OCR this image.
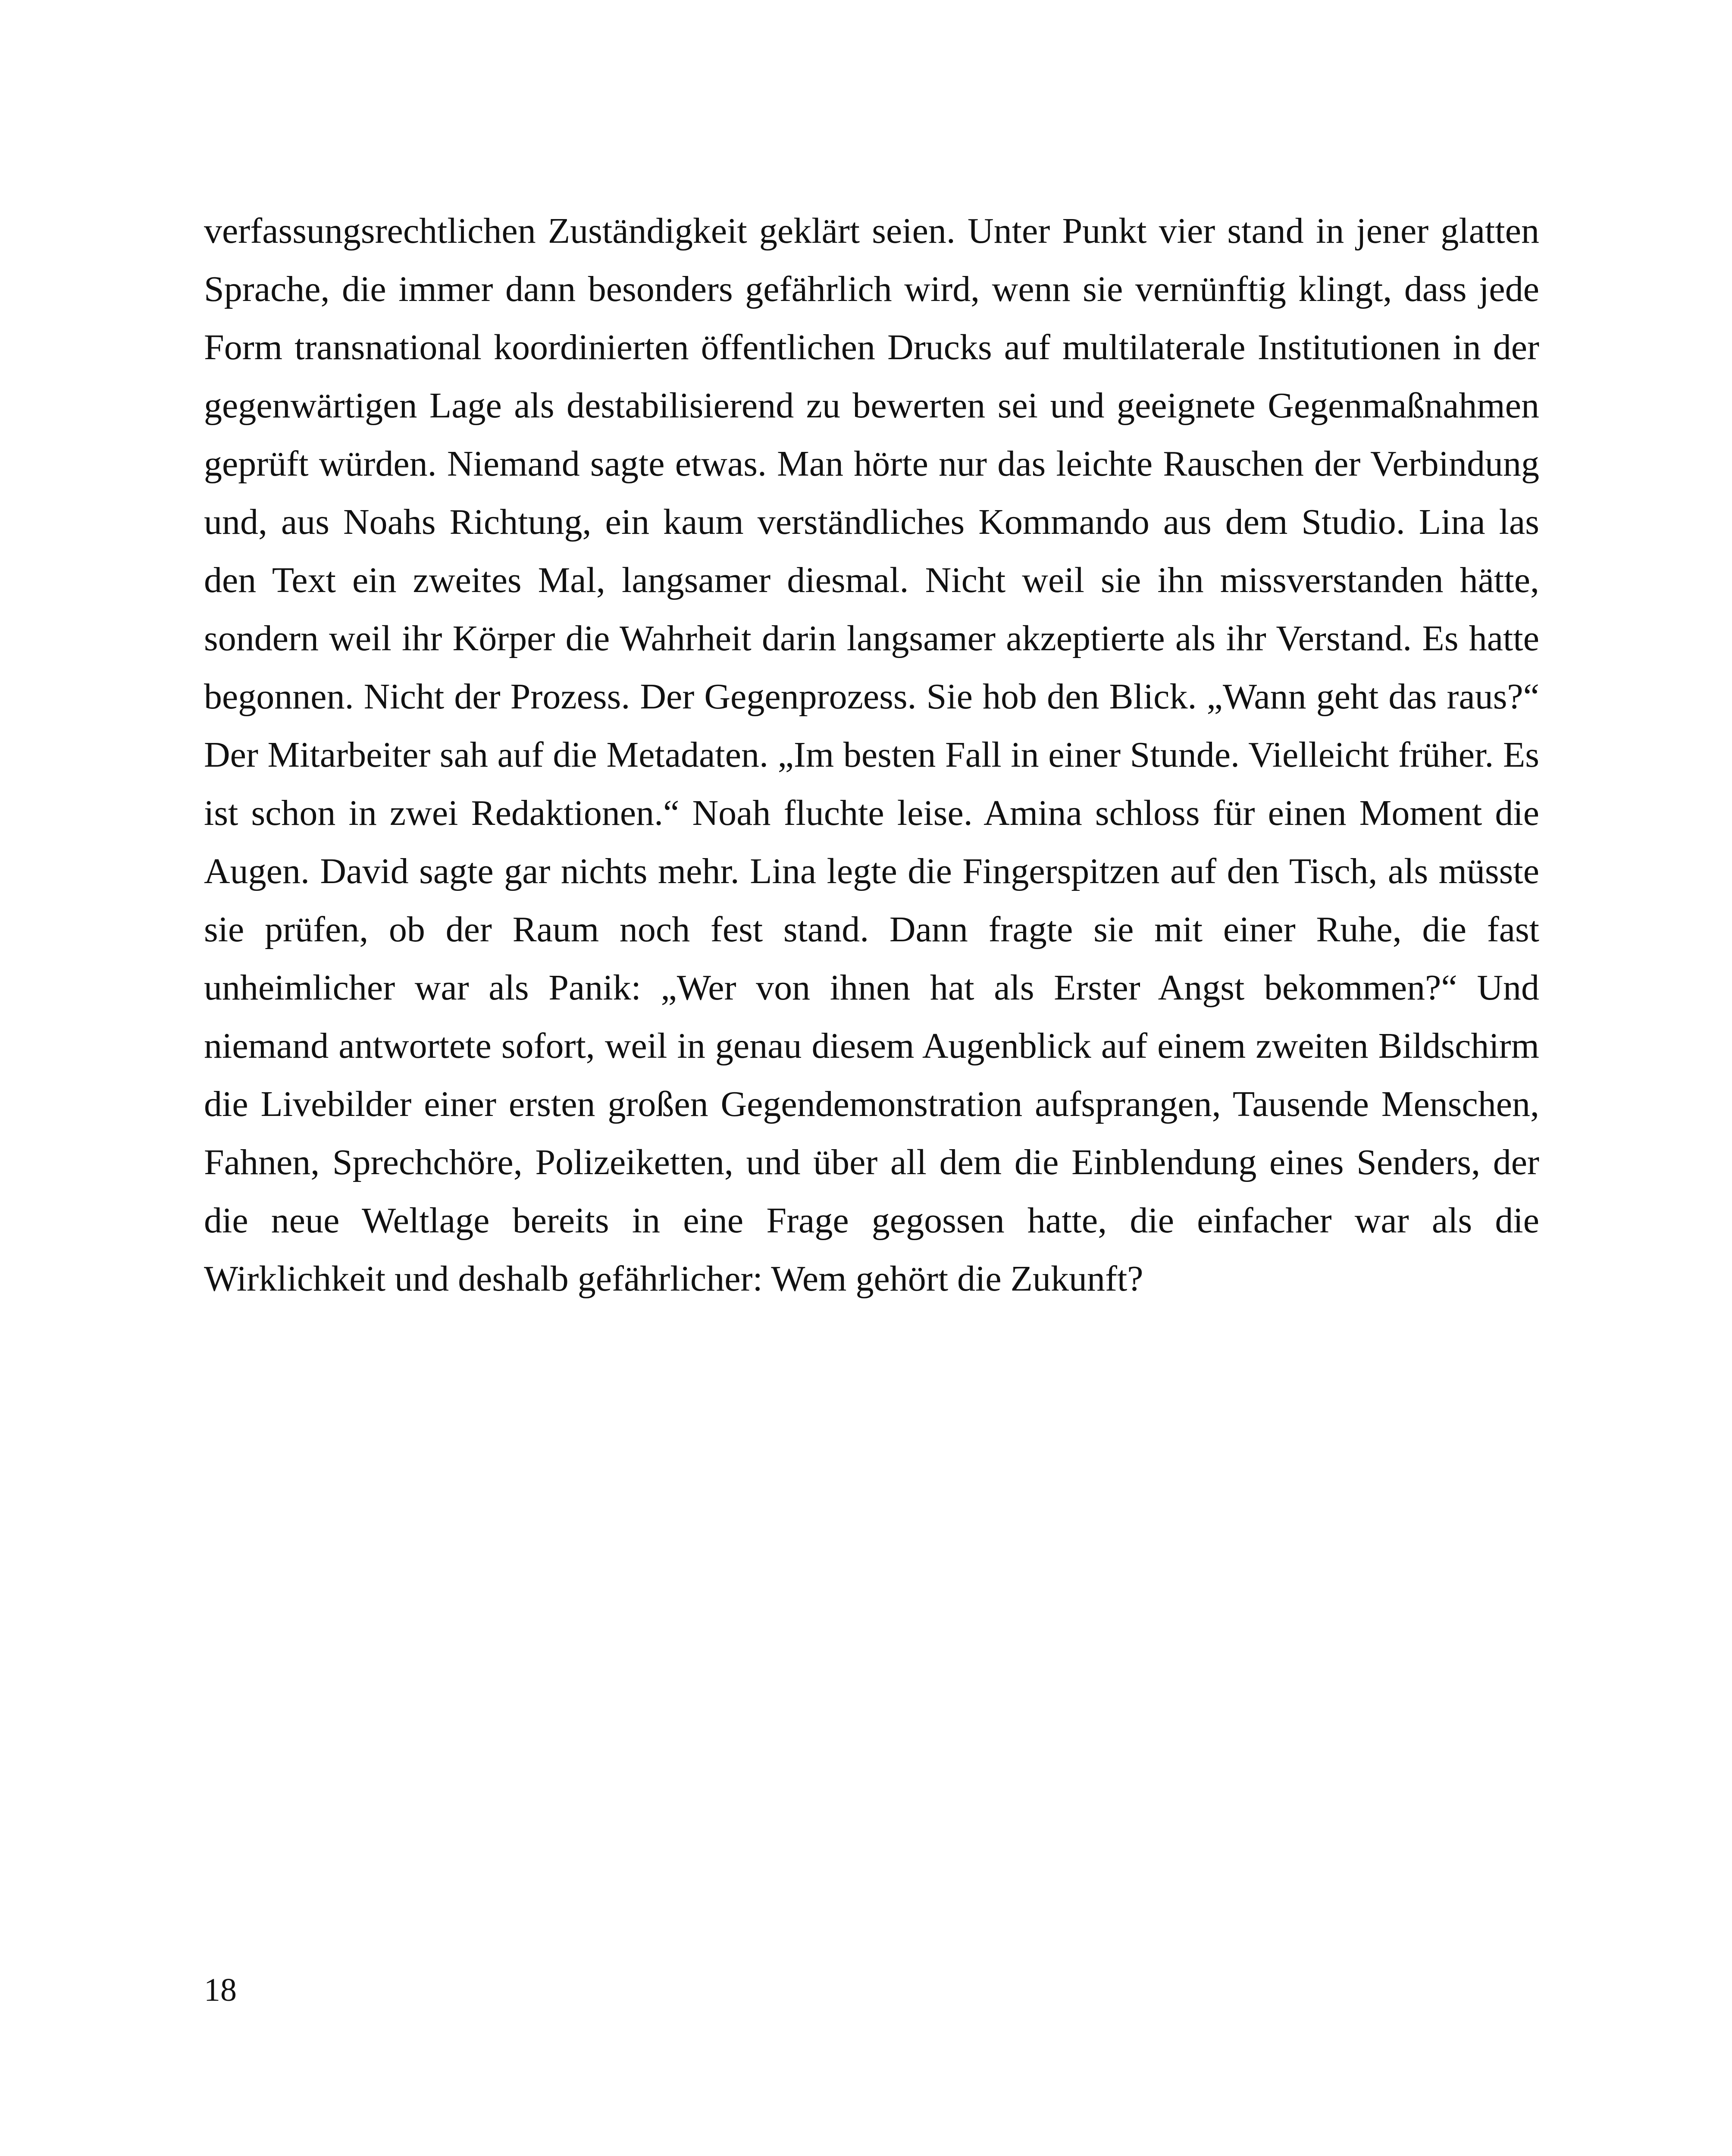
verfassungsrechtlichen Zuständigkeit geklärt seien. Unter Punkt vier stand in jener glatten Sprache, die immer dann besonders gefährlich wird, wenn sie vernünftig klingt, dass jede Form transnational koordinierten öffentlichen Drucks auf multilaterale Institutionen in der gegenwärtigen Lage als destabilisierend zu bewerten sei und geeignete Gegenmaßnahmen geprüft würden. Niemand sagte etwas. Man hörte nur das leichte Rauschen der Verbindung und, aus Noahs Richtung, ein kaum verständliches Kommando aus dem Studio. Lina las den Text ein zweites Mal, langsamer diesmal. Nicht weil sie ihn missverstanden hätte, sondern weil ihr Körper die Wahrheit darin langsamer akzeptierte als ihr Verstand. Es hatte begonnen. Nicht der Prozess. Der Gegenprozess. Sie hob den Blick. „Wann geht das raus?“ Der Mitarbeiter sah auf die Metadaten. „Im besten Fall in einer Stunde. Vielleicht früher. Es ist schon in zwei Redaktionen.“ Noah fluchte leise. Amina schloss für einen Moment die Augen. David sagte gar nichts mehr. Lina legte die Fingerspitzen auf den Tisch, als müsste sie prüfen, ob der Raum noch fest stand. Dann fragte sie mit einer Ruhe, die fast unheimlicher war als Panik: „Wer von ihnen hat als Erster Angst bekommen?“ Und niemand antwortete sofort, weil in genau diesem Augenblick auf einem zweiten Bildschirm die Livebilder einer ersten großen Gegendemonstration aufsprangen, Tausende Menschen, Fahnen, Sprechchöre, Polizeiketten, und über all dem die Einblendung eines Senders, der die neue Weltlage bereits in eine Frage gegossen hatte, die einfacher war als die Wirklichkeit und deshalb gefährlicher: Wem gehört die Zukunft?

18
